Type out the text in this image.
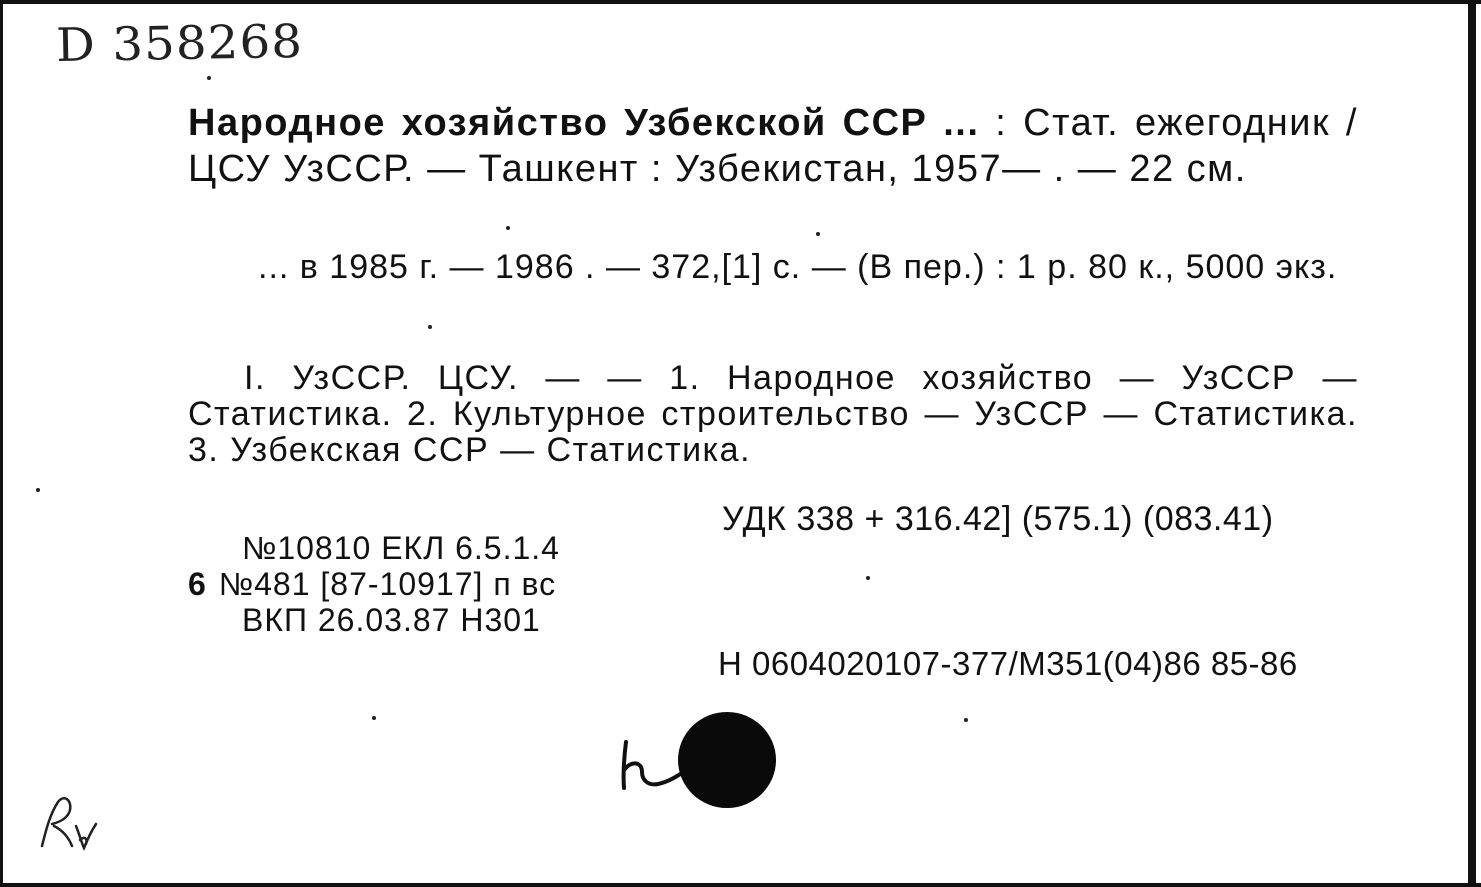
D 358268
Народное хозяйство Узбекской ССР ... : Стат. ежегодник / ЦСУ УзССР. — Ташкент : Узбекистан, 1957— . — 22 см.
... в 1985 г. — 1986 . — 372,[1] с. — (В пер.) : 1 р. 80 к., 5000 экз.
I. УзССР. ЦСУ. — — 1. Народное хозяйство — УзССР — Статистика. 2. Культурное строительство — УзССР — Статистика. 3. Узбекская ССР — Статистика.
УДК 338 + 316.42] (575.1) (083.41)
№10810 ЕКЛ 6.5.1.4
6 №481 [87-10917] п вс
ВКП 26.03.87 Н301
Н 0604020107-377/М351(04)86 85-86
